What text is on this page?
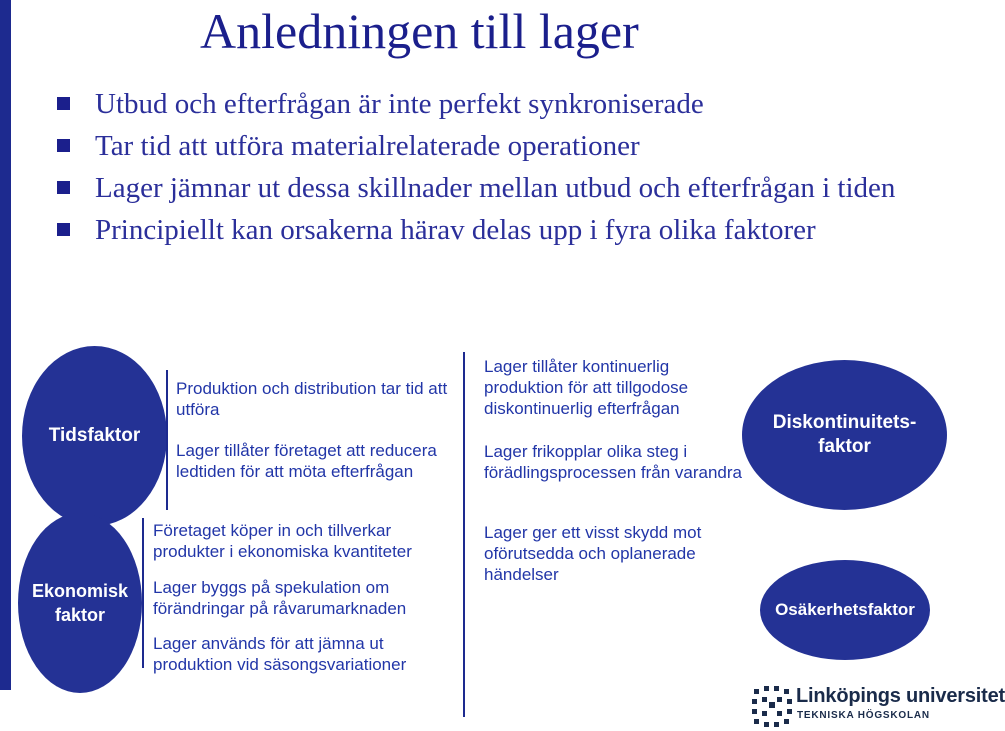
Anledningen till lager
Utbud och efterfrågan är inte perfekt synkroniserade
Tar tid att utföra materialrelaterade operationer
Lager jämnar ut dessa skillnader mellan utbud och efterfrågan i tiden
Principiellt kan orsakerna härav delas upp i fyra olika faktorer
Tidsfaktor

Produktion och distribution tar tid att utföra

Lager tillåter företaget att reducera ledtiden för att möta efterfrågan

Ekonomisk
faktor

Företaget köper in och tillverkar produkter i ekonomiska kvantiteter

Lager byggs på spekulation om förändringar på råvarumarknaden

Lager används för att jämna ut produktion vid säsongsvariationer

Lager tillåter kontinuerlig produktion för att tillgodose diskontinuerlig efterfrågan

Lager frikopplar olika steg i förädlingsprocessen från varandra

Diskontinuitets-
faktor

Lager ger ett visst skydd mot oförutsedda och oplanerade händelser

Osäkerhetsfaktor
Linköpings universitet
TEKNISKA HÖGSKOLAN
